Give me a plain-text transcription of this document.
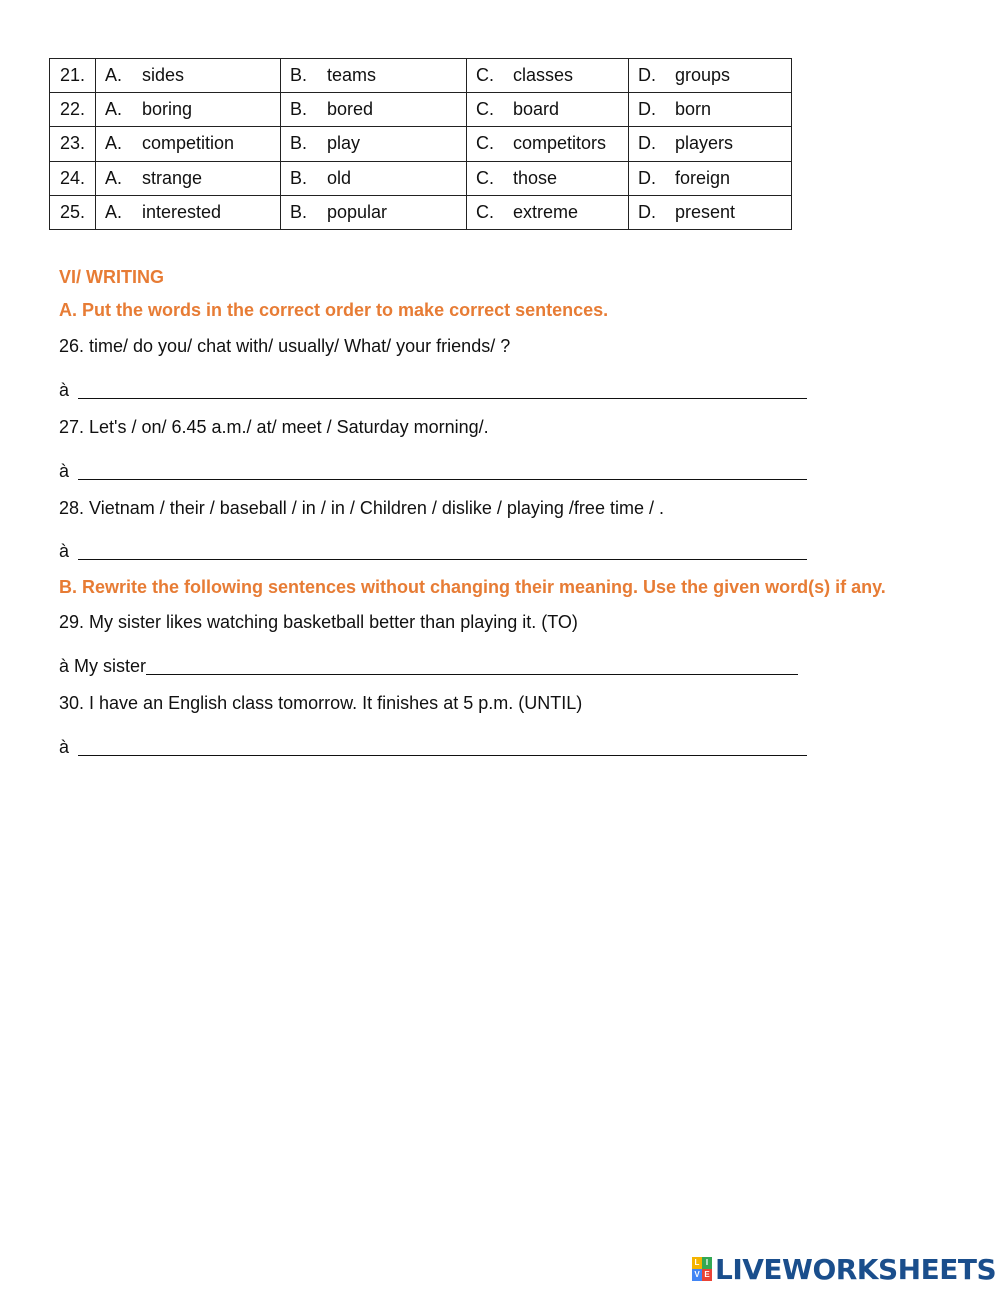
21.	A. sides	B. teams	C. classes	D. groups
22.	A. boring	B. bored	C. board	D. born
23.	A. competition	B. play	C. competitors	D. players
24.	A. strange	B. old	C. those	D. foreign
25.	A. interested	B. popular	C. extreme	D. present
VI/ WRITING
A. Put the words in the correct order to make correct sentences.
26. time/ do you/ chat with/ usually/ What/ your friends/ ?
à
27. Let's / on/ 6.45 a.m./ at/ meet / Saturday morning/.
à
28. Vietnam / their / baseball / in / in / Children / dislike / playing /free time / .
à
B. Rewrite the following sentences without changing their meaning. Use the given word(s) if any.
29. My sister likes watching basketball better than playing it. (TO)
à My sister
30. I have an English class tomorrow. It finishes at 5 p.m. (UNTIL)
à
L I
V E LIVEWORKSHEETS
